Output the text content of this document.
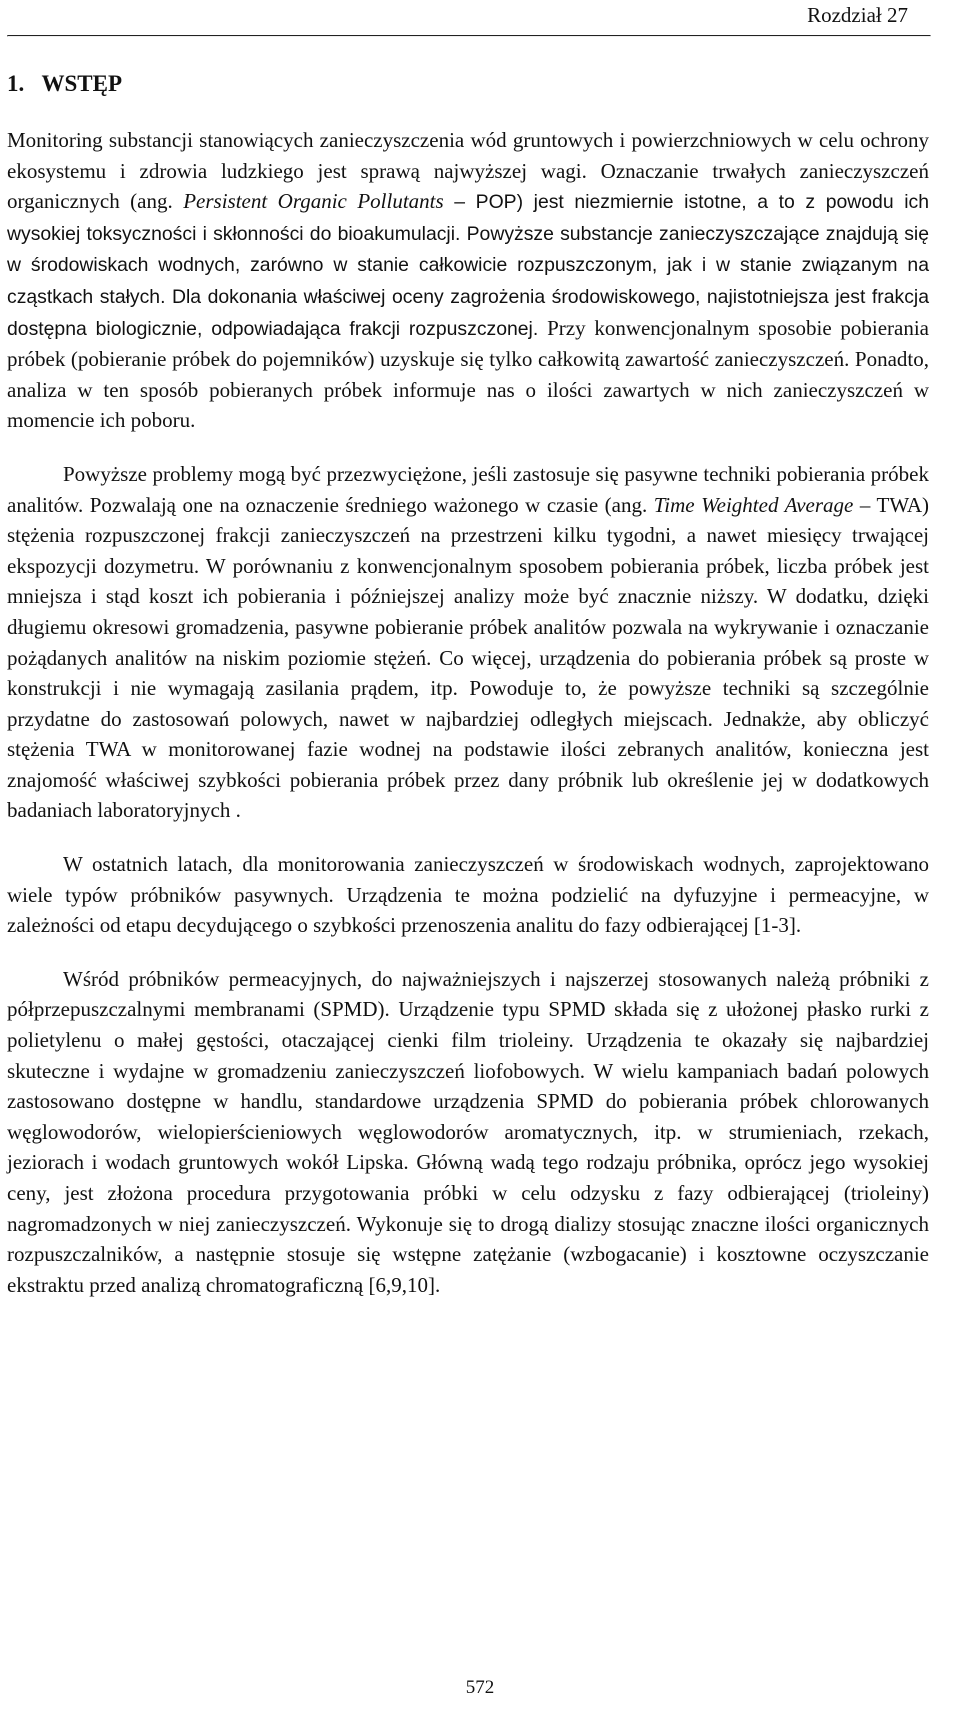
Rozdział 27

1. WSTĘP

Monitoring substancji stanowiących zanieczyszczenia wód gruntowych i powierzchniowych w celu ochrony ekosystemu i zdrowia ludzkiego jest sprawą najwyższej wagi. Oznaczanie trwałych zanieczyszczeń organicznych (ang. Persistent Organic Pollutants – POP) jest niezmiernie istotne, a to z powodu ich wysokiej toksyczności i skłonności do bioakumulacji. Powyższe substancje zanieczyszczające znajdują się w środowiskach wodnych, zarówno w stanie całkowicie rozpuszczonym, jak i w stanie związanym na cząstkach stałych. Dla dokonania właściwej oceny zagrożenia środowiskowego, najistotniejsza jest frakcja dostępna biologicznie, odpowiadająca frakcji rozpuszczonej. Przy konwencjonalnym sposobie pobierania próbek (pobieranie próbek do pojemników) uzyskuje się tylko całkowitą zawartość zanieczyszczeń. Ponadto, analiza w ten sposób pobieranych próbek informuje nas o ilości zawartych w nich zanieczyszczeń w momencie ich poboru.

Powyższe problemy mogą być przezwyciężone, jeśli zastosuje się pasywne techniki pobierania próbek analitów. Pozwalają one na oznaczenie średniego ważonego w czasie (ang. Time Weighted Average – TWA) stężenia rozpuszczonej frakcji zanieczyszczeń na przestrzeni kilku tygodni, a nawet miesięcy trwającej ekspozycji dozymetru. W porównaniu z konwencjonalnym sposobem pobierania próbek, liczba próbek jest mniejsza i stąd koszt ich pobierania i późniejszej analizy może być znacznie niższy. W dodatku, dzięki długiemu okresowi gromadzenia, pasywne pobieranie próbek analitów pozwala na wykrywanie i oznaczanie pożądanych analitów na niskim poziomie stężeń. Co więcej, urządzenia do pobierania próbek są proste w konstrukcji i nie wymagają zasilania prądem, itp. Powoduje to, że powyższe techniki są szczególnie przydatne do zastosowań polowych, nawet w najbardziej odległych miejscach. Jednakże, aby obliczyć stężenia TWA w monitorowanej fazie wodnej na podstawie ilości zebranych analitów, konieczna jest znajomość właściwej szybkości pobierania próbek przez dany próbnik lub określenie jej w dodatkowych badaniach laboratoryjnych .

W ostatnich latach, dla monitorowania zanieczyszczeń w środowiskach wodnych, zaprojektowano wiele typów próbników pasywnych. Urządzenia te można podzielić na dyfuzyjne i permeacyjne, w zależności od etapu decydującego o szybkości przenoszenia analitu do fazy odbierającej [1-3].

Wśród próbników permeacyjnych, do najważniejszych i najszerzej stosowanych należą próbniki z półprzepuszczalnymi membranami (SPMD). Urządzenie typu SPMD składa się z ułożonej płasko rurki z polietylenu o małej gęstości, otaczającej cienki film trioleiny. Urządzenia te okazały się najbardziej skuteczne i wydajne w gromadzeniu zanieczyszczeń liofobowych. W wielu kampaniach badań polowych zastosowano dostępne w handlu, standardowe urządzenia SPMD do pobierania próbek chlorowanych węglowodorów, wielopierścieniowych węglowodorów aromatycznych, itp. w strumieniach, rzekach, jeziorach i wodach gruntowych wokół Lipska. Główną wadą tego rodzaju próbnika, oprócz jego wysokiej ceny, jest złożona procedura przygotowania próbki w celu odzysku z fazy odbierającej (trioleiny) nagromadzonych w niej zanieczyszczeń. Wykonuje się to drogą dializy stosując znaczne ilości organicznych rozpuszczalników, a następnie stosuje się wstępne zatężanie (wzbogacanie) i kosztowne oczyszczanie ekstraktu przed analizą chromatograficzną [6,9,10].

572
